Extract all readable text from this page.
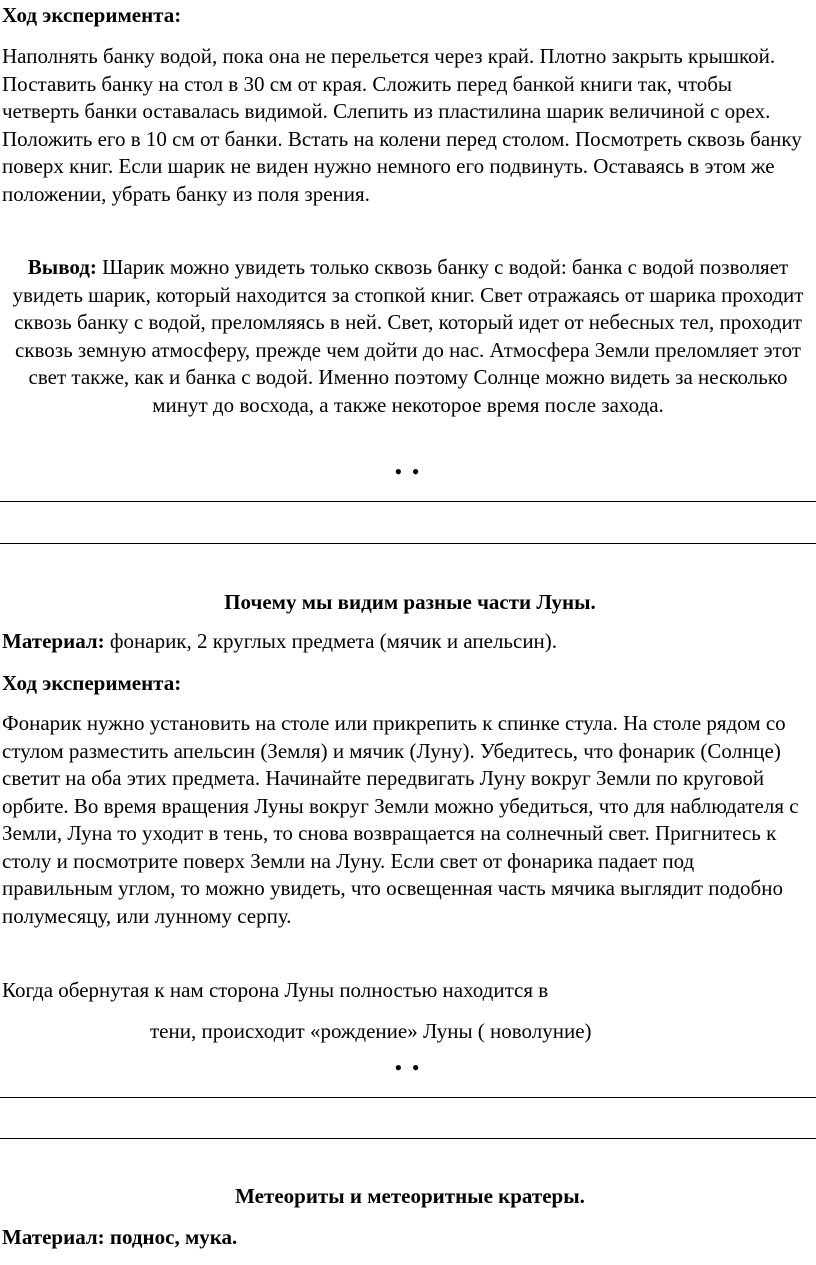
Ход эксперимента:

Наполнять банку водой, пока она не перельется через край. Плотно закрыть крышкой. Поставить банку на стол в 30 см от края. Сложить перед банкой книги так, чтобы четверть банки оставалась видимой. Слепить из пластилина шарик величиной с орех. Положить его в 10 см от банки. Встать на колени перед столом. Посмотреть сквозь банку поверх книг. Если шарик не виден нужно немного его подвинуть. Оставаясь в этом же положении, убрать банку из поля зрения.

Вывод: Шарик можно увидеть только сквозь банку с водой: банка с водой позволяет увидеть шарик, который находится за стопкой книг. Свет отражаясь от шарика проходит сквозь банку с водой, преломляясь в ней. Свет, который идет от небесных тел, проходит сквозь земную атмосферу, прежде чем дойти до нас. Атмосфера Земли преломляет этот свет также, как и банка с водой. Именно поэтому Солнце можно видеть за несколько минут до восхода, а также некоторое время после захода.

• •

Почему мы видим разные части Луны.

Материал: фонарик, 2 круглых предмета (мячик и апельсин).

Ход эксперимента:

Фонарик нужно установить на столе или прикрепить к спинке стула. На столе рядом со стулом разместить апельсин (Земля) и мячик (Луну). Убедитесь, что фонарик (Солнце) светит на оба этих предмета. Начинайте передвигать Луну вокруг Земли по круговой орбите. Во время вращения Луны вокруг Земли можно убедиться, что для наблюдателя с Земли, Луна то уходит в тень, то снова возвращается на солнечный свет. Пригнитесь к столу и посмотрите поверх Земли на Луну. Если свет от фонарика падает под правильным углом, то можно увидеть, что освещенная часть мячика выглядит подобно полумесяцу, или лунному серпу.

Когда обернутая к нам сторона Луны полностью находится в

тени, происходит «рождение» Луны ( новолуние)

• •

Метеориты и метеоритные кратеры.

Материал: поднос, мука.
